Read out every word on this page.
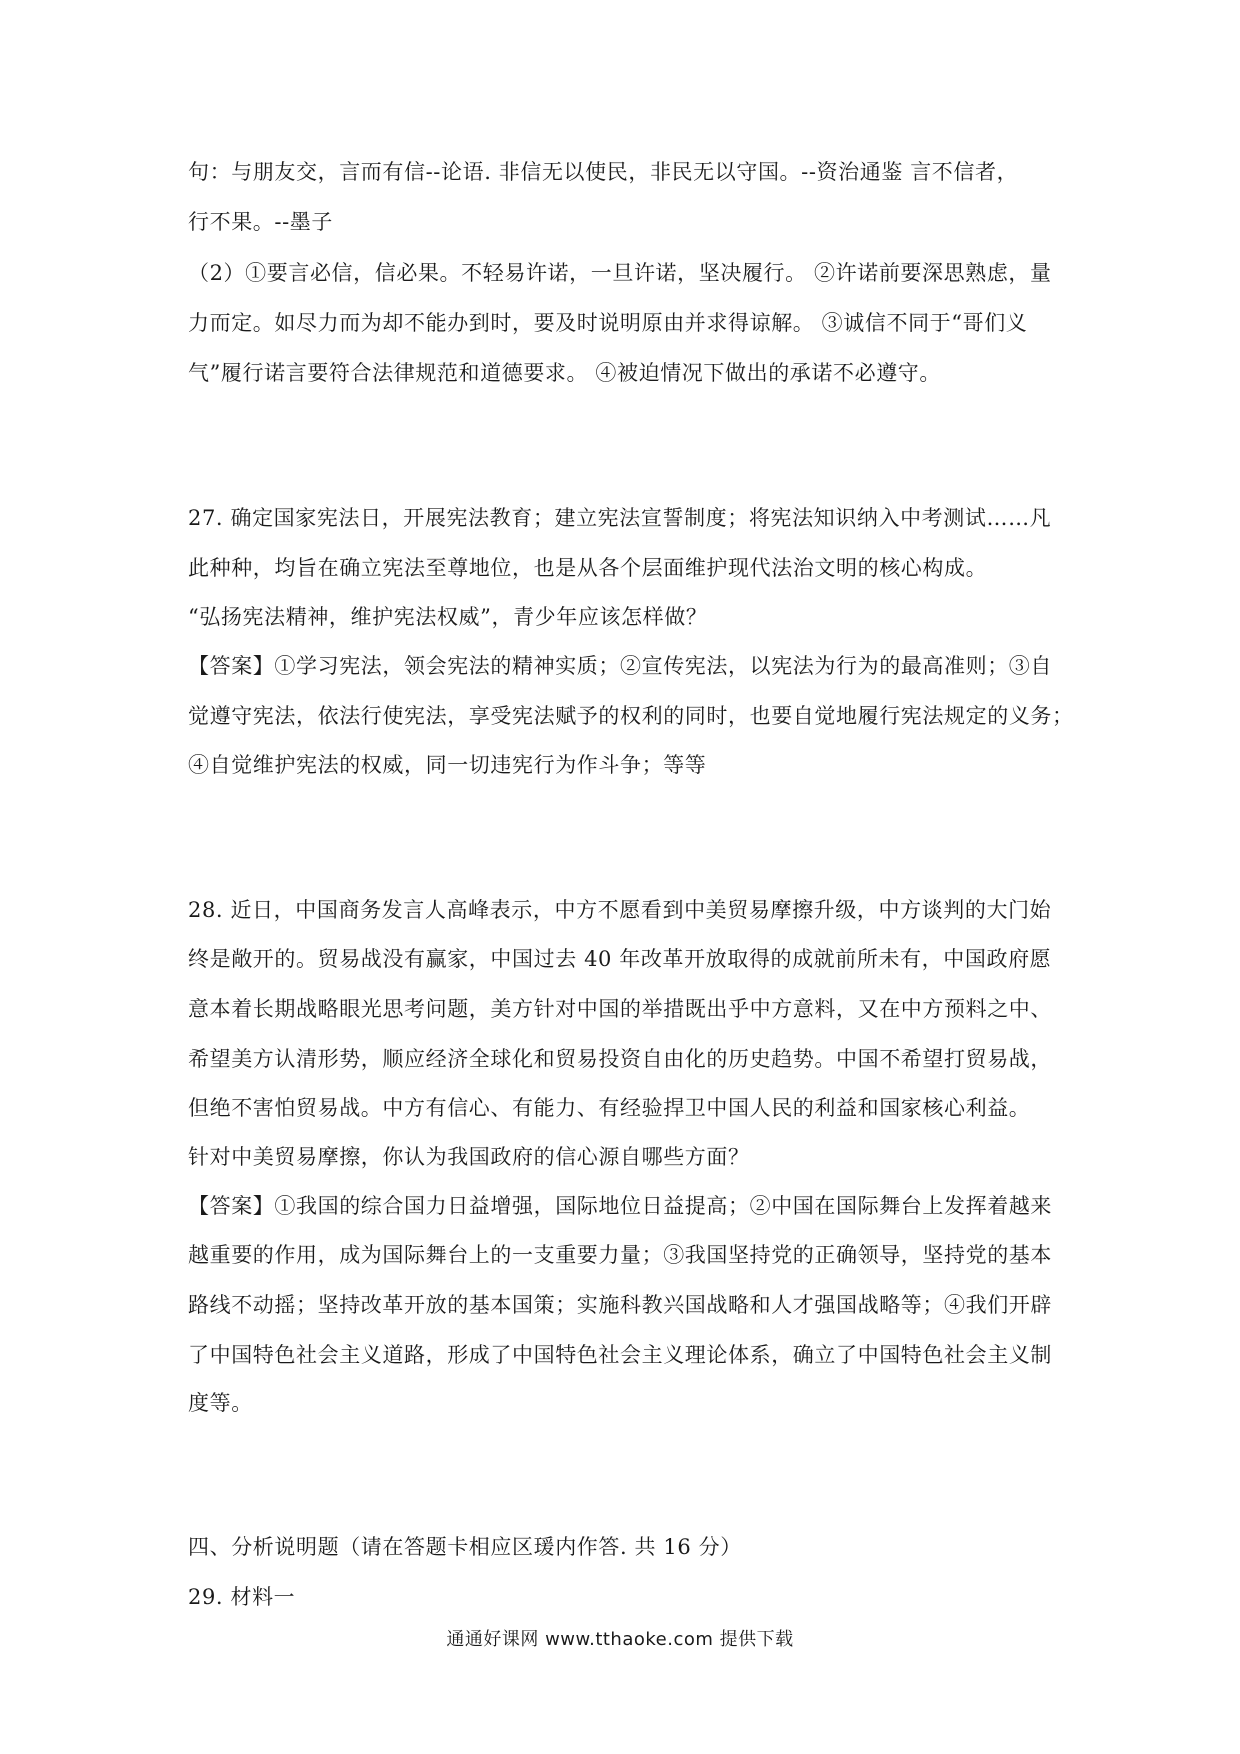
句：与朋友交，言而有信--论语. 非信无以使民，非民无以守国。--资治通鉴 言不信者，
行不果。--墨子
（2）①要言必信，信必果。不轻易许诺，一旦许诺，坚决履行。 ②许诺前要深思熟虑，量
力而定。如尽力而为却不能办到时，要及时说明原由并求得谅解。 ③诚信不同于“哥们义
气”履行诺言要符合法律规范和道德要求。 ④被迫情况下做出的承诺不必遵守。
27. 确定国家宪法日，开展宪法教育；建立宪法宣誓制度；将宪法知识纳入中考测试……凡
此种种，均旨在确立宪法至尊地位，也是从各个层面维护现代法治文明的核心构成。
“弘扬宪法精神，维护宪法权威”，青少年应该怎样做？
【答案】①学习宪法，领会宪法的精神实质；②宣传宪法，以宪法为行为的最高准则；③自
觉遵守宪法，依法行使宪法，享受宪法赋予的权利的同时，也要自觉地履行宪法规定的义务；
④自觉维护宪法的权威，同一切违宪行为作斗争；等等
28. 近日，中国商务发言人高峰表示，中方不愿看到中美贸易摩擦升级，中方谈判的大门始
终是敞开的。贸易战没有赢家，中国过去 40 年改革开放取得的成就前所未有，中国政府愿
意本着长期战略眼光思考问题，美方针对中国的举措既出乎中方意料，又在中方预料之中、
希望美方认清形势，顺应经济全球化和贸易投资自由化的历史趋势。中国不希望打贸易战，
但绝不害怕贸易战。中方有信心、有能力、有经验捍卫中国人民的利益和国家核心利益。
针对中美贸易摩擦，你认为我国政府的信心源自哪些方面？
【答案】①我国的综合国力日益增强，国际地位日益提高；②中国在国际舞台上发挥着越来
越重要的作用，成为国际舞台上的一支重要力量；③我国坚持党的正确领导，坚持党的基本
路线不动摇；坚持改革开放的基本国策；实施科教兴国战略和人才强国战略等；④我们开辟
了中国特色社会主义道路，形成了中国特色社会主义理论体系，确立了中国特色社会主义制
度等。
四、分析说明题（请在答题卡相应区瑗内作答. 共 16 分）
29. 材料一
通通好课网 www.tthaoke.com 提供下载
